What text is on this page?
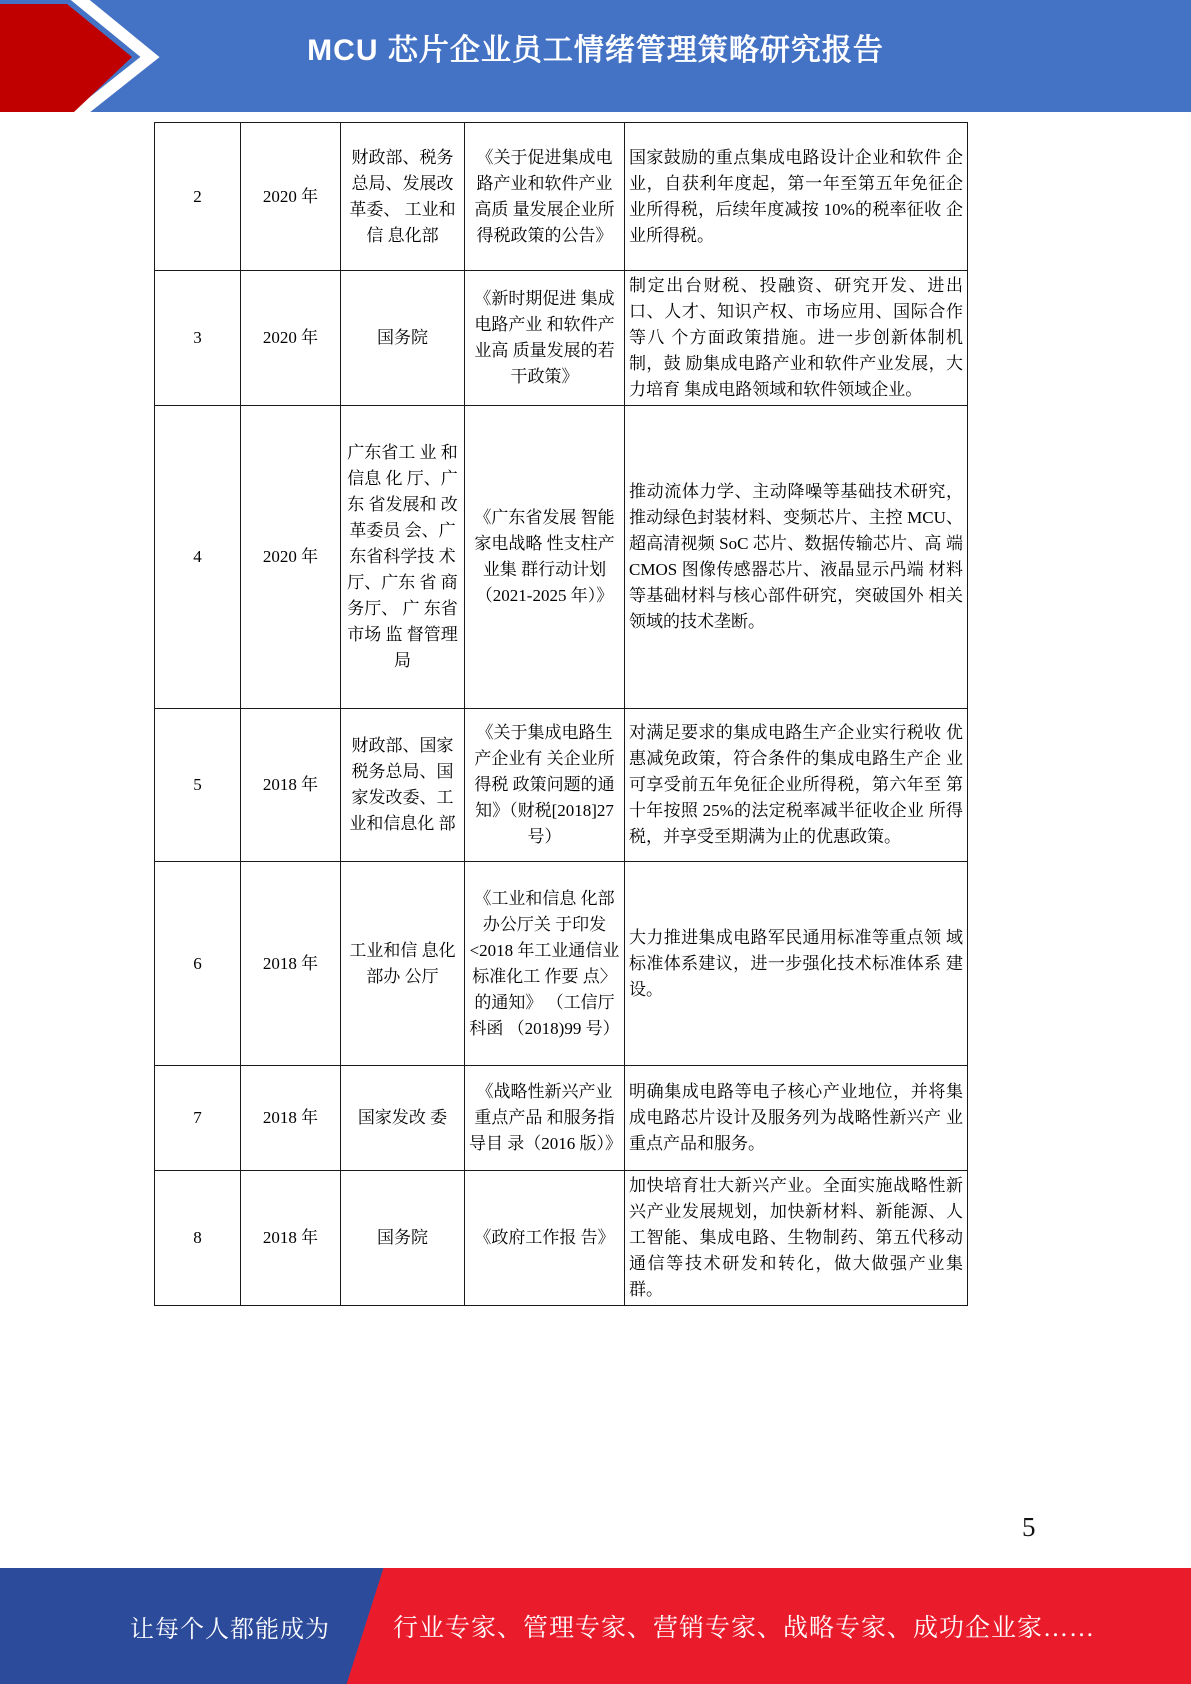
MCU 芯片企业员工情绪管理策略研究报告
2	2020 年	财政部、税务总局、发展改革委、 工业和信 息化部	《关于促进集成电路产业和软件产业高质 量发展企业所 得税政策的公告》	国家鼓励的重点集成电路设计企业和软件 企业，自获利年度起，第一年至第五年免征企业所得税，后续年度减按 10%的税率征收 企业所得税。
3	2020 年	国务院	《新时期促进 集成电路产业 和软件产业高 质量发展的若 干政策》	制定出台财税、投融资、研究开发、进出口、人才、知识产权、市场应用、国际合作等八 个方面政策措施。进一步创新体制机制，鼓 励集成电路产业和软件产业发展，大力培育 集成电路领域和软件领域企业。
4	2020 年	广东省工 业 和信息 化 厅、广东 省发展和 改 革委员 会、广东省科学技 术 厅、广东 省 商务厅、 广 东省市场 监 督管理 局	《广东省发展 智能家电战略 性支柱产业集 群行动计划（2021-2025 年）》	推动流体力学、主动降噪等基础技术研究， 推动绿色封装材料、变频芯片、主控 MCU、 超高清视频 SoC 芯片、数据传输芯片、高 端 CMOS 图像传感器芯片、液晶显示冎端 材料等基础材料与核心部件研究，突破国外 相关领域的技术垄断。
5	2018 年	财政部、国家税务总局、国家发改委、工业和信息化 部	《关于集成电路生产企业有 关企业所得税 政策问题的通 知》（财税[2018]27 号）	对满足要求的集成电路生产企业实行税收 优惠减免政策，符合条件的集成电路生产企 业可享受前五年免征企业所得税，第六年至 第十年按照 25%的法定税率减半征收企业 所得税，并享受至期满为止的优惠政策。
6	2018 年	工业和信 息化部办 公厅	《工业和信息 化部办公厅关 于印发<2018 年工业通信业 标准化工 作要 点〉的通知》 （工信厅科函 （2018)99 号）	大力推进集成电路军民通用标准等重点领 域标准体系建议，进一步强化技术标准体系 建设。
7	2018 年	国家发改 委	《战略性新兴产业重点产品 和服务指导目 录（2016 版）》	明确集成电路等电子核心产业地位，并将集 成电路芯片设计及服务列为战略性新兴产 业重点产品和服务。
8	2018 年	国务院	《政府工作报 告》	加快培育壮大新兴产业。全面实施战略性新 兴产业发展规划，加快新材料、新能源、人 工智能、集成电路、生物制药、第五代移动 通信等技术研发和转化，做大做强产业集 群。
5
让每个人都能成为	行业专家、管理专家、营销专家、战略专家、成功企业家……
